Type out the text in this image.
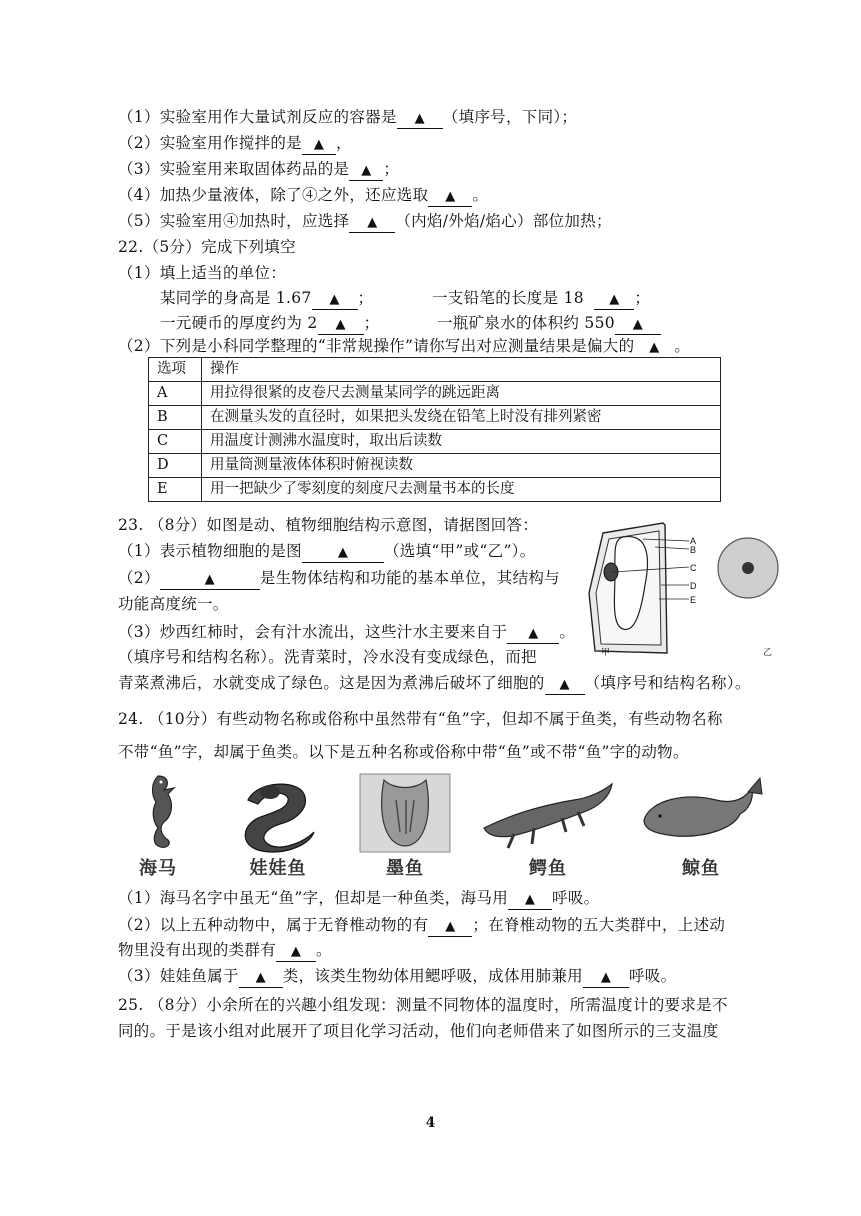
（1）实验室用作大量试剂反应的容器是 ▲ （填序号，下同）；
（2）实验室用作搅拌的是 ▲ ，
（3）实验室用来取固体药品的是 ▲ ；
（4）加热少量液体，除了④之外，还应选取 ▲ 。
（5）实验室用④加热时，应选择 ▲ （内焰/外焰/焰心）部位加热；
22.（5分）完成下列填空
（1）填上适当的单位：
某同学的身高是 1.67 ▲ ；	一支铅笔的长度是 18 ▲ ；
一元硬币的厚度约为 2 ▲ ；	一瓶矿泉水的体积约 550 ▲
（2）下列是小科同学整理的“非常规操作”请你写出对应测量结果是偏大的 ▲ 。
选项	操作
A	用拉得很紧的皮卷尺去测量某同学的跳远距离
B	在测量头发的直径时，如果把头发绕在铅笔上时没有排列紧密
C	用温度计测沸水温度时，取出后读数
D	用量筒测量液体体积时俯视读数
E	用一把缺少了零刻度的刻度尺去测量书本的长度
23. （8分）如图是动、植物细胞结构示意图，请据图回答：
（1）表示植物细胞的是图	▲ （选填“甲”或“乙”）。
（2）	▲	是生物体结构和功能的基本单位，其结构与
功能高度统一。
（3）炒西红柿时，会有汁水流出，这些汁水主要来自于 ▲ 。
（填序号和结构名称）。洗青菜时，冷水没有变成绿色，而把
青菜煮沸后，水就变成了绿色。这是因为煮沸后破坏了细胞的 ▲ （填序号和结构名称）。
A
B
C
D
E
甲	乙
24. （10分）有些动物名称或俗称中虽然带有“鱼”字，但却不属于鱼类，有些动物名称
不带“鱼”字，却属于鱼类。以下是五种名称或俗称中带“鱼”或不带“鱼”字的动物。
海马	娃娃鱼	墨鱼	鳄鱼	鲸鱼
（1）海马名字中虽无“鱼”字，但却是一种鱼类，海马用 ▲ 呼吸。
（2）以上五种动物中，属于无脊椎动物的有 ▲ ；在脊椎动物的五大类群中，上述动
物里没有出现的类群有 ▲ 。
（3）娃娃鱼属于 ▲ 类，该类生物幼体用鳃呼吸，成体用肺兼用 ▲ 呼吸。
25. （8分）小余所在的兴趣小组发现：测量不同物体的温度时，所需温度计的要求是不
同的。于是该小组对此展开了项目化学习活动，他们向老师借来了如图所示的三支温度
4
